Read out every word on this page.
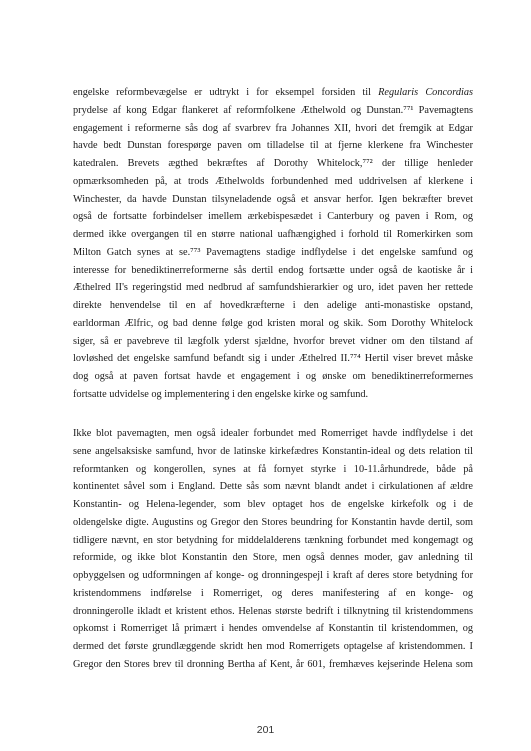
engelske reformbevægelse er udtrykt i for eksempel forsiden til Regularis Concordias
prydelse af kong Edgar flankeret af reformfolkene Æthelwold og Dunstan.⁷⁷¹ Pavemagtens
engagement i reformerne sås dog af svarbrev fra Johannes XII, hvori det fremgik at Edgar
havde bedt Dunstan forespørge paven om tilladelse til at fjerne klerkene fra Winchester
katedralen. Brevets ægthed bekræftes af Dorothy Whitelock,⁷⁷² der tillige henleder
opmærksomheden på, at trods Æthelwolds forbundenhed med uddrivelsen af klerkene i
Winchester, da havde Dunstan tilsyneladende også et ansvar herfor. Igen bekræfter brevet
også de fortsatte forbindelser imellem ærkebispesædet i Canterbury og paven i Rom, og
dermed ikke overgangen til en større national uafhængighed i forhold til Romerkirken som
Milton Gatch synes at se.⁷⁷³ Pavemagtens stadige indflydelse i det engelske samfund og
interesse for benediktinerreformerne sås dertil endog fortsætte under også de kaotiske år i
Æthelred II's regeringstid med nedbrud af samfundshierarkier og uro, idet paven her rettede
direkte henvendelse til en af hovedkræfterne i den adelige anti-monastiske opstand,
earldorman Ælfric, og bad denne følge god kristen moral og skik. Som Dorothy Whitelock
siger, så er pavebreve til lægfolk yderst sjældne, hvorfor brevet vidner om den tilstand af
lovløshed det engelske samfund befandt sig i under Æthelred II.⁷⁷⁴ Hertil viser brevet måske
dog også at paven fortsat havde et engagement i og ønske om benediktinerreformernes
fortsatte udvidelse og implementering i den engelske kirke og samfund.
Ikke blot pavemagten, men også idealer forbundet med Romerriget havde indflydelse i det
sene angelsaksiske samfund, hvor de latinske kirkefædres Konstantin-ideal og dets relation til
reformtanken og kongerollen, synes at få fornyet styrke i 10-11.århundrede, både på
kontinentet såvel som i England. Dette sås som nævnt blandt andet i cirkulationen af ældre
Konstantin- og Helena-legender, som blev optaget hos de engelske kirkefolk og i de
oldengelske digte. Augustins og Gregor den Stores beundring for Konstantin havde dertil, som
tidligere nævnt, en stor betydning for middelalderens tænkning forbundet med kongemagt og
reformide, og ikke blot Konstantin den Store, men også dennes moder, gav anledning til
opbyggelsen og udformningen af konge- og dronningespejl i kraft af deres store betydning for
kristendommens indførelse i Romerriget, og deres manifestering af en konge- og
dronningerolle ikladt et kristent ethos. Helenas største bedrift i tilknytning til kristendommens
opkomst i Romerriget lå primært i hendes omvendelse af Konstantin til kristendommen, og
dermed det første grundlæggende skridt hen mod Romerrigets optagelse af kristendommen. I
Gregor den Stores brev til dronning Bertha af Kent, år 601, fremhæves kejserinde Helena som
201
